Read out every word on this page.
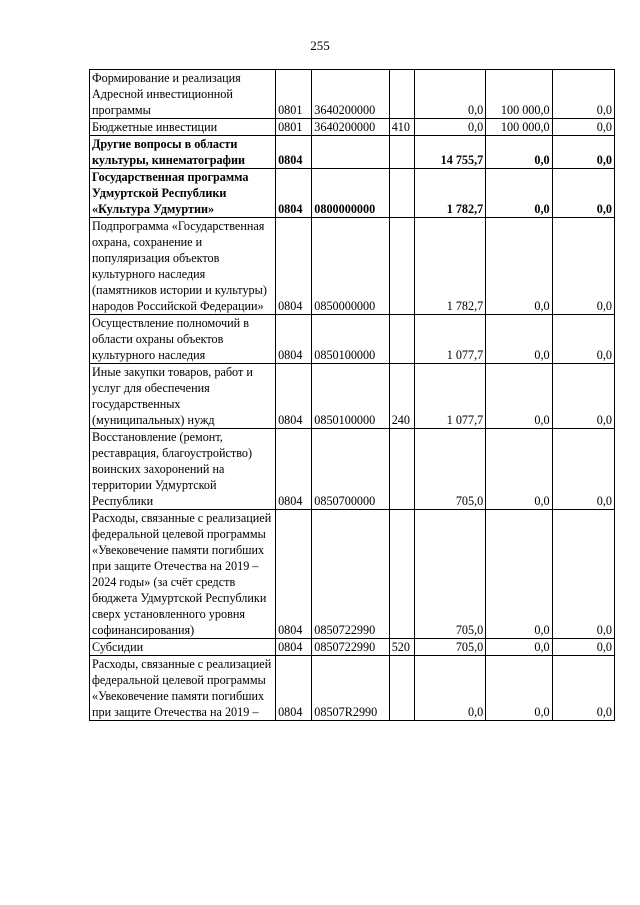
255
Формирование и реализация Адресной инвестиционной программы	0801	3640200000		0,0	100 000,0	0,0
Бюджетные инвестиции	0801	3640200000	410	0,0	100 000,0	0,0
Другие вопросы в области культуры, кинематографии	0804			14 755,7	0,0	0,0
Государственная программа Удмуртской Республики «Культура Удмуртии»	0804	0800000000		1 782,7	0,0	0,0
Подпрограмма «Государственная охрана, сохранение и популяризация объектов культурного наследия (памятников истории и культуры) народов Российской Федерации»	0804	0850000000		1 782,7	0,0	0,0
Осуществление полномочий в области охраны объектов культурного наследия	0804	0850100000		1 077,7	0,0	0,0
Иные закупки товаров, работ и услуг для обеспечения государственных (муниципальных) нужд	0804	0850100000	240	1 077,7	0,0	0,0
Восстановление (ремонт, реставрация, благоустройство) воинских захоронений на территории Удмуртской Республики	0804	0850700000		705,0	0,0	0,0
Расходы, связанные с реализацией федеральной целевой программы «Увековечение памяти погибших при защите Отечества на 2019 – 2024 годы» (за счёт средств бюджета Удмуртской Республики сверх установленного уровня софинансирования)	0804	0850722990		705,0	0,0	0,0
Субсидии	0804	0850722990	520	705,0	0,0	0,0
Расходы, связанные с реализацией федеральной целевой программы «Увековечение памяти погибших при защите Отечества на 2019 –	0804	08507R2990		0,0	0,0	0,0
